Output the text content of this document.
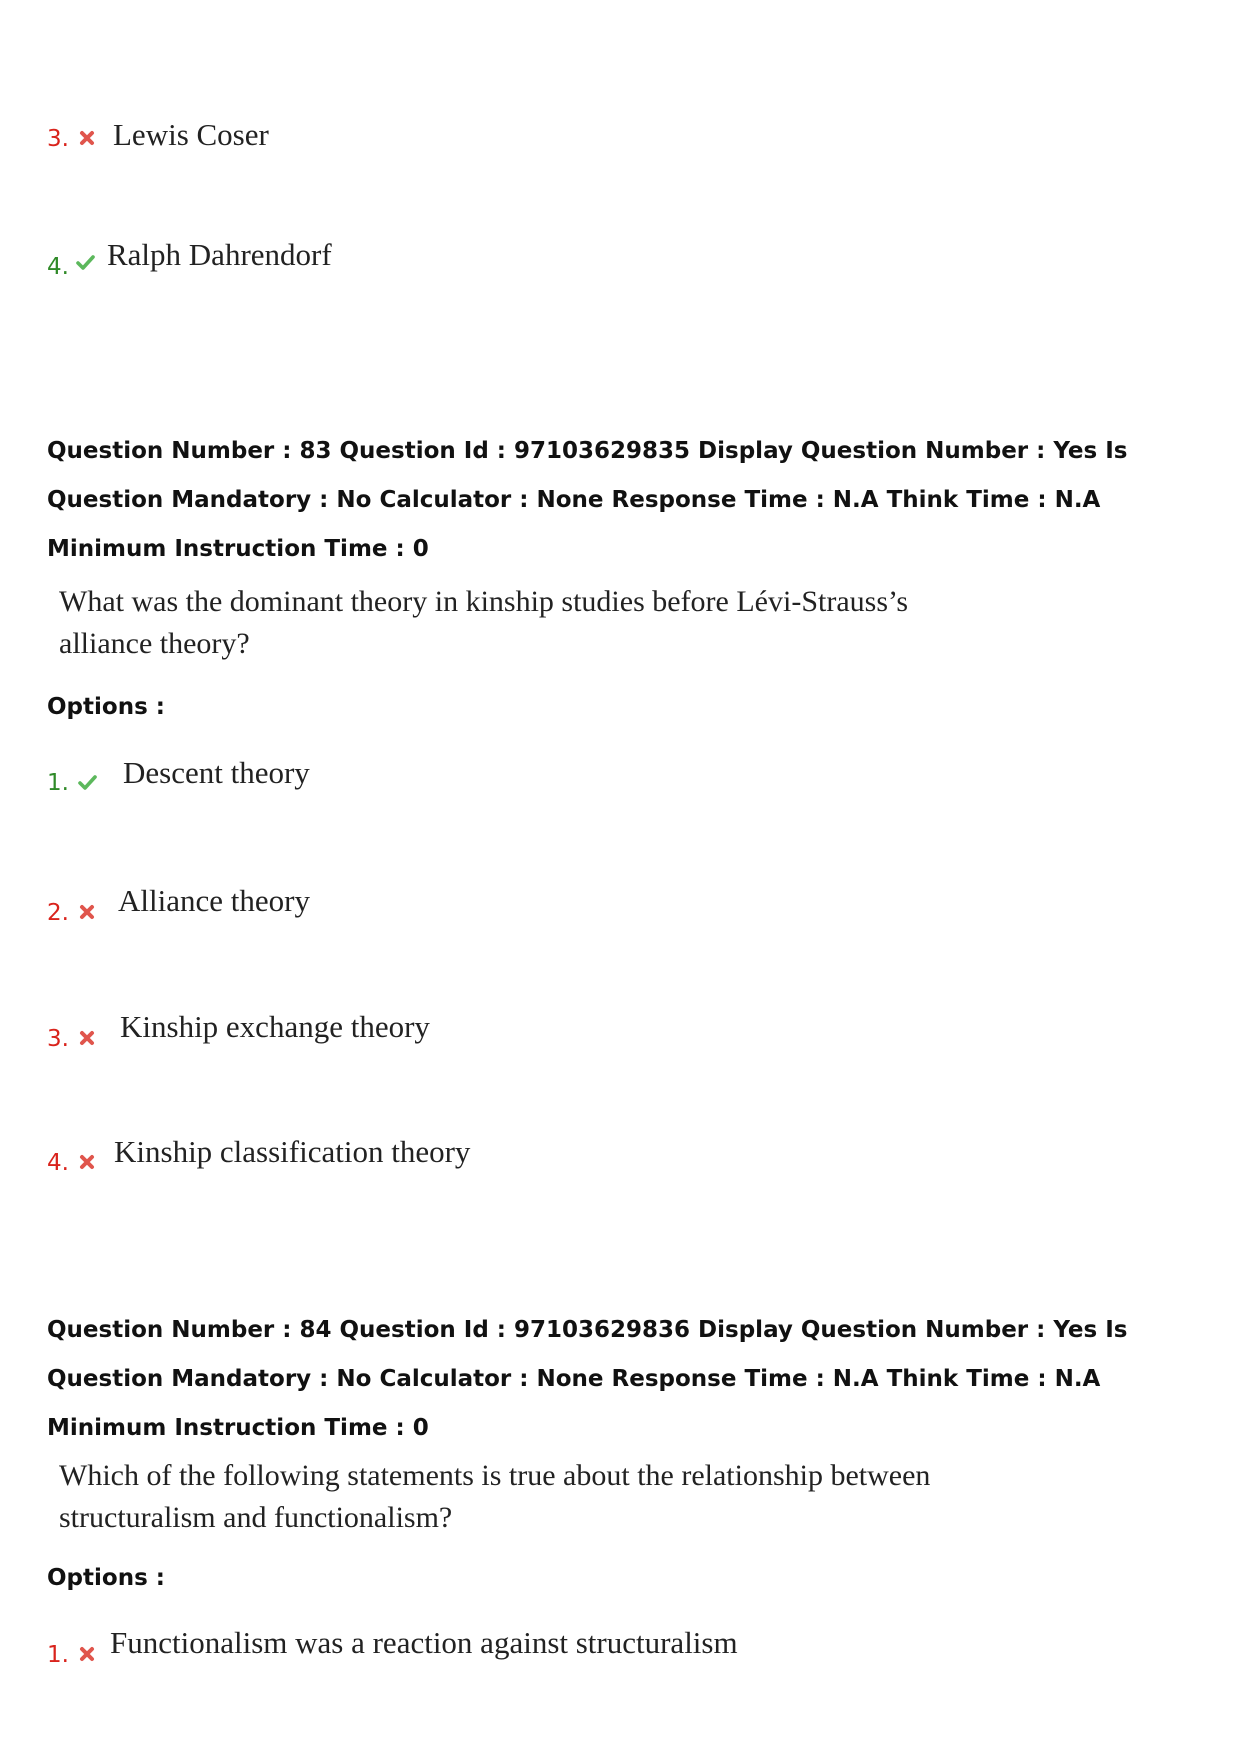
3. Lewis Coser
4. Ralph Dahrendorf
Question Number : 83 Question Id : 97103629835 Display Question Number : Yes Is Question Mandatory : No Calculator : None Response Time : N.A Think Time : N.A Minimum Instruction Time : 0
What was the dominant theory in kinship studies before Lévi-Strauss’s
alliance theory?
Options :
1. Descent theory
2. Alliance theory
3. Kinship exchange theory
4. Kinship classification theory
Question Number : 84 Question Id : 97103629836 Display Question Number : Yes Is Question Mandatory : No Calculator : None Response Time : N.A Think Time : N.A Minimum Instruction Time : 0
Which of the following statements is true about the relationship between
structuralism and functionalism?
Options :
1. Functionalism was a reaction against structuralism
